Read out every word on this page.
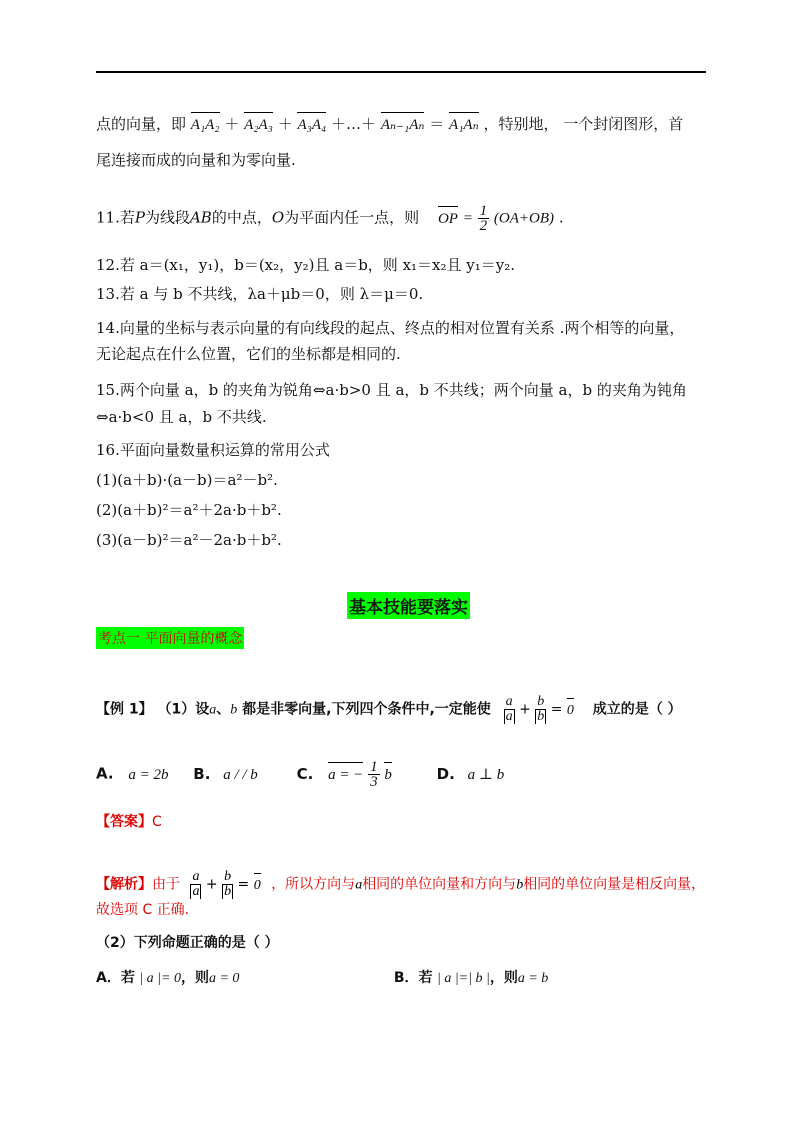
点的向量，即 A₁A₂ ＋ A₂A₃ ＋ A₃A₄ ＋…＋ Aₙ₋₁Aₙ ＝ A₁Aₙ ，特别地， 一个封闭图形，首
尾连接而成的向量和为零向量.
11.若P为线段AB的中点，O为平面内任一点，则 OP = $\frac{1}{2} (OA+OB)$ .
12.若 a＝(x₁，y₁)，b＝(x₂，y₂)且 a＝b，则 x₁＝x₂且 y₁＝y₂.
13.若 a 与 b 不共线，λa＋μb＝0，则 λ＝μ＝0.
14.向量的坐标与表示向量的有向线段的起点、终点的相对位置有关系 .两个相等的向量，
无论起点在什么位置，它们的坐标都是相同的.
15.两个向量 a，b 的夹角为锐角⇔a·b>0 且 a，b 不共线；两个向量 a，b 的夹角为钝角
⇔a·b<0 且 a，b 不共线.
16.平面向量数量积运算的常用公式
(1)(a＋b)·(a－b)＝a²－b².
(2)(a＋b)²＝a²＋2a·b＋b².
(3)(a－b)²＝a²－2a·b＋b².
基本技能要落实
考点一 平面向量的概念
【例 1】 （1）设a、b 都是非零向量,下列四个条件中,一定能使 $\frac{a}{a} + \frac{b}{b} = 0$ 成立的是（ ）
A. a = 2b B. a / / b	C. a = − $\frac{1}{3}$ b	D. a ⊥ b
【答案】C
【解析】由于 $\frac{a}{a} + \frac{b}{b} = 0$ ，所以方向与a相同的单位向量和方向与b相同的单位向量是相反向量，
故选项 C 正确.
（2）下列命题正确的是（ ）
A．若 | a |= 0，则a = 0	B．若 | a |=| b |，则a = b
